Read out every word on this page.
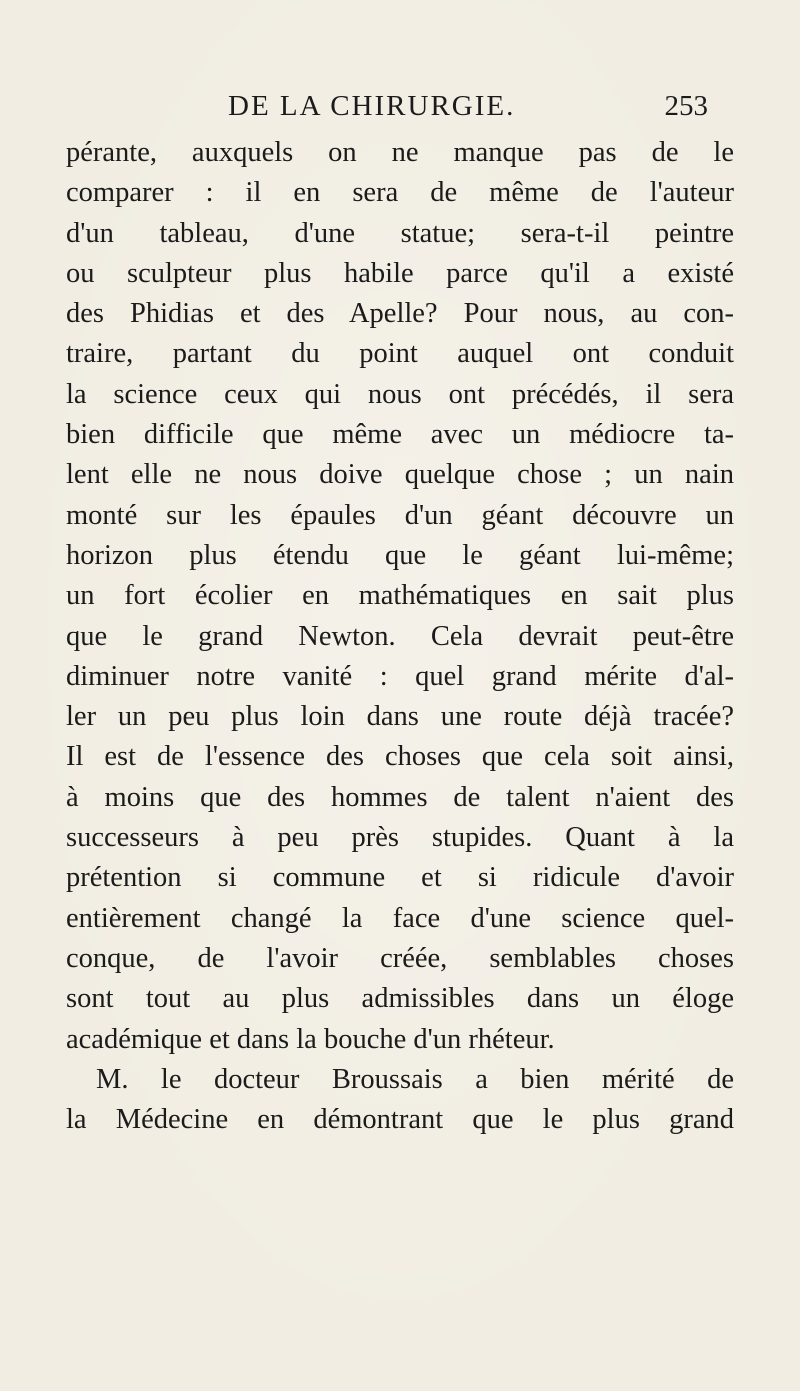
DE LA CHIRURGIE.	253
pérante, auxquels on ne manque pas de le
comparer : il en sera de même de l'auteur
d'un tableau, d'une statue; sera-t-il peintre
ou sculpteur plus habile parce qu'il a existé
des Phidias et des Apelle? Pour nous, au con-
traire, partant du point auquel ont conduit
la science ceux qui nous ont précédés, il sera
bien difficile que même avec un médiocre ta-
lent elle ne nous doive quelque chose ; un nain
monté sur les épaules d'un géant découvre un
horizon plus étendu que le géant lui-même;
un fort écolier en mathématiques en sait plus
que le grand Newton. Cela devrait peut-être
diminuer notre vanité : quel grand mérite d'al-
ler un peu plus loin dans une route déjà tracée?
Il est de l'essence des choses que cela soit ainsi,
à moins que des hommes de talent n'aient des
successeurs à peu près stupides. Quant à la
prétention si commune et si ridicule d'avoir
entièrement changé la face d'une science quel-
conque, de l'avoir créée, semblables choses
sont tout au plus admissibles dans un éloge
académique et dans la bouche d'un rhéteur.
M. le docteur Broussais a bien mérité de
la Médecine en démontrant que le plus grand
